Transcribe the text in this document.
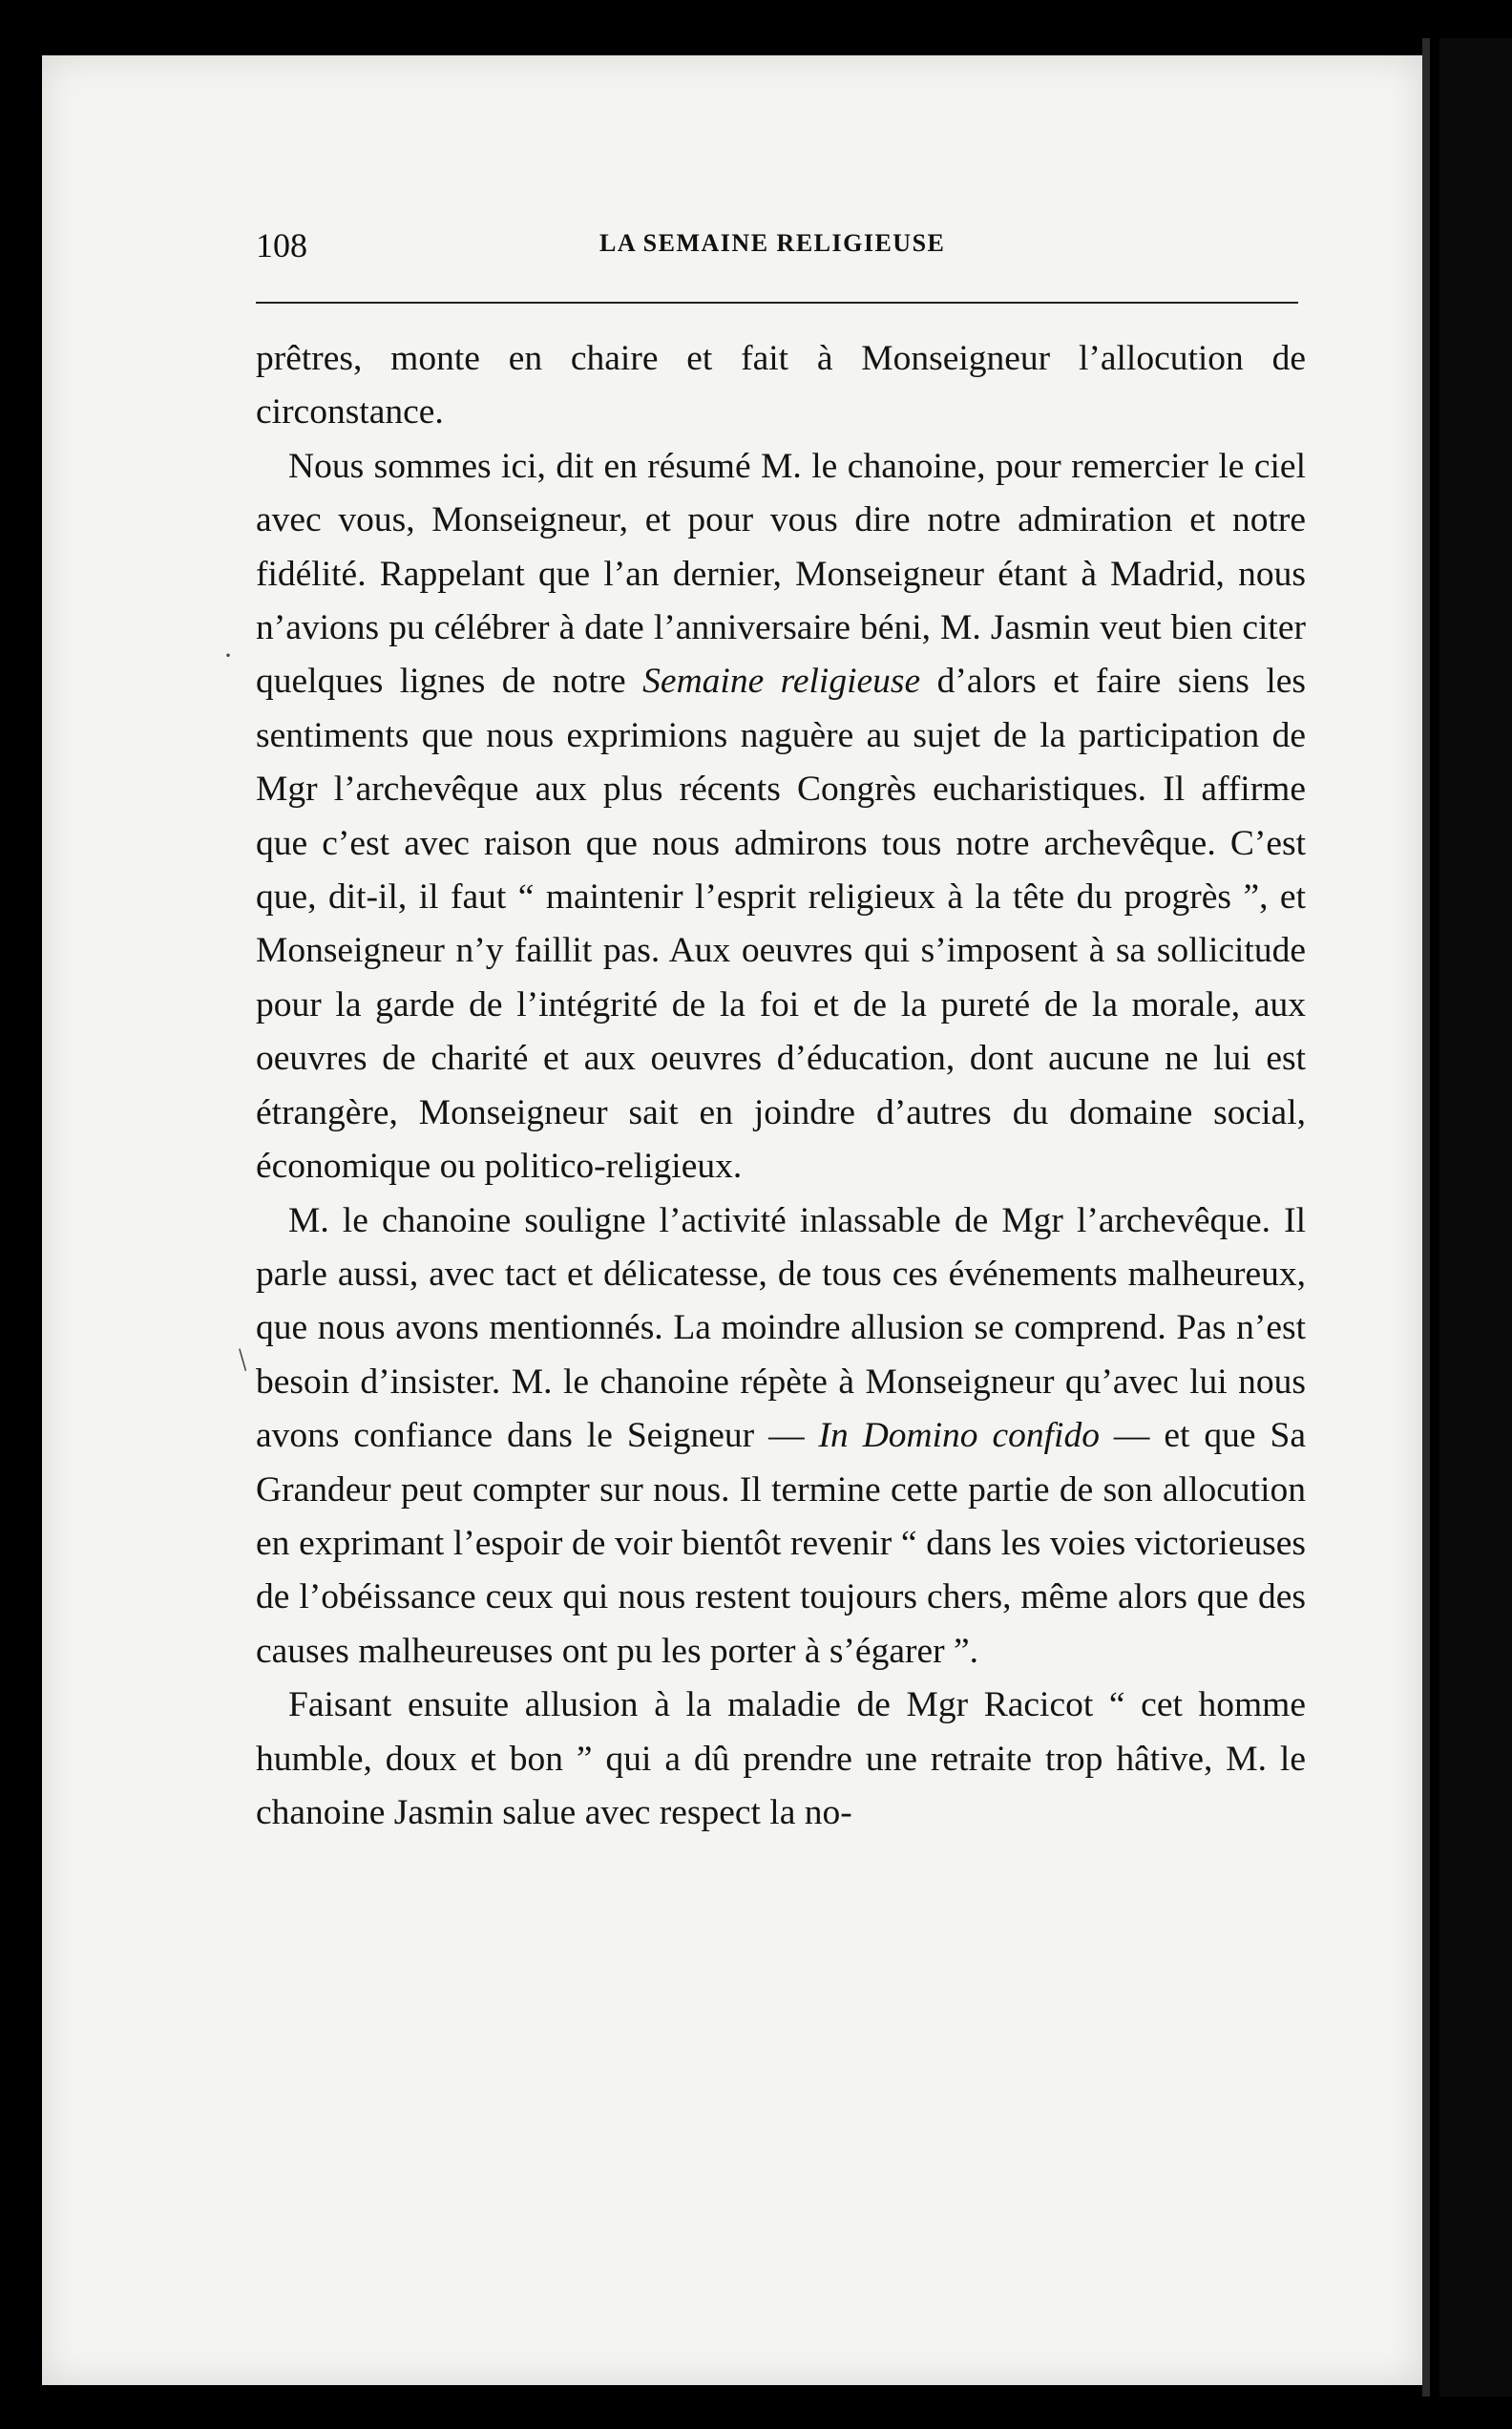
108	LA SEMAINE RELIGIEUSE

prêtres, monte en chaire et fait à Monseigneur l’allocution de circonstance.

Nous sommes ici, dit en résumé M. le chanoine, pour remercier le ciel avec vous, Monseigneur, et pour vous dire notre admiration et notre fidélité. Rappelant que l’an dernier, Monseigneur étant à Madrid, nous n’avions pu célébrer à date l’anniversaire béni, M. Jasmin veut bien citer quelques lignes de notre Semaine religieuse d’alors et faire siens les sentiments que nous exprimions naguère au sujet de la participation de Mgr l’archevêque aux plus récents Congrès eucharistiques. Il affirme que c’est avec raison que nous admirons tous notre archevêque. C’est que, dit-il, il faut “ maintenir l’esprit religieux à la tête du progrès ”, et Monseigneur n’y faillit pas. Aux oeuvres qui s’imposent à sa sollicitude pour la garde de l’intégrité de la foi et de la pureté de la morale, aux oeuvres de charité et aux oeuvres d’éducation, dont aucune ne lui est étrangère, Monseigneur sait en joindre d’autres du domaine social, économique ou politico-religieux.

M. le chanoine souligne l’activité inlassable de Mgr l’archevêque. Il parle aussi, avec tact et délicatesse, de tous ces événements malheureux, que nous avons mentionnés. La moindre allusion se comprend. Pas n’est besoin d’insister. M. le chanoine répète à Monseigneur qu’avec lui nous avons confiance dans le Seigneur — In Domino confido — et que Sa Grandeur peut compter sur nous. Il termine cette partie de son allocution en exprimant l’espoir de voir bientôt revenir “ dans les voies victorieuses de l’obéissance ceux qui nous restent toujours chers, même alors que des causes malheureuses ont pu les porter à s’égarer ”.

Faisant ensuite allusion à la maladie de Mgr Racicot “ cet homme humble, doux et bon ” qui a dû prendre une retraite trop hâtive, M. le chanoine Jasmin salue avec respect la no-

·
/
